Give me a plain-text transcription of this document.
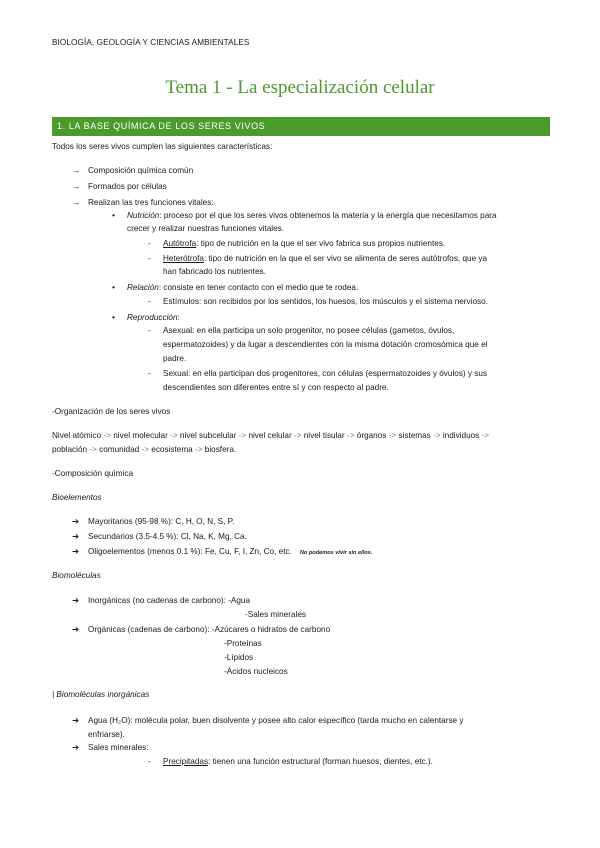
BIOLOGÍA, GEOLOGÍA Y CIENCIAS AMBIENTALES
Tema 1 - La especialización celular
1. LA BASE QUÍMICA DE LOS SERES VIVOS
Todos los seres vivos cumplen las siguientes características:
→ Composición química común
→ Formados por células
→ Realizan las tres funciones vitales:
• Nutrición: proceso por el que los seres vivos obtenemos la materia y la energía que necesitamos para
crecer y realizar nuestras funciones vitales.
- Autótrofa: tipo de nutrición en la que el ser vivo fabrica sus propios nutrientes.
- Heterótrofa: tipo de nutrición en la que el ser vivo se alimenta de seres autótrofos, que ya
han fabricado los nutrientes.
• Relación: consiste en tener contacto con el medio que te rodea.
- Estímulos: son recibidos por los sentidos, los huesos, los músculos y el sistema nervioso.
• Reproducción:
- Asexual: en ella participa un solo progenitor, no posee células (gametos, óvulos,
espermatozoides) y da lugar a descendientes con la misma dotación cromosómica que el
padre.
- Sexual: en ella participan dos progenitores, con células (espermatozoides y óvulos) y sus
descendientes son diferentes entre sí y con respecto al padre.
-Organización de los seres vivos
Nivel atómico -> nivel molecular -> nivel subcelular -> nivel celular -> nivel tisular -> órganos -> sistemas -> individuos ->
población -> comunidad -> ecosistema -> biosfera.
-Composición química
Bioelementos
➔ Mayoritarios (95-98 %): C, H, O, N, S, P.
➔ Secundarios (3.5-4.5 %): Cl, Na, K, Mg, Ca.
➔ Oligoelementos (menos 0.1 %): Fe, Cu, F, I, Zn, Co, etc. No podemos vivir sin ellos.
Biomoléculas
➔ Inorgánicas (no cadenas de carbono): -Agua
-Sales minerales
➔ Orgánicas (cadenas de carbono): -Azúcares o hidratos de carbono
-Proteínas
-Lípidos
-Ácidos nucleicos
| Biomoléculas inorgánicas
➔ Agua (H₂O): molécula polar, buen disolvente y posee alto calor específico (tarda mucho en calentarse y
enfriarse).
➔ Sales minerales:
- Precipitadas: tienen una función estructural (forman huesos, dientes, etc.).
